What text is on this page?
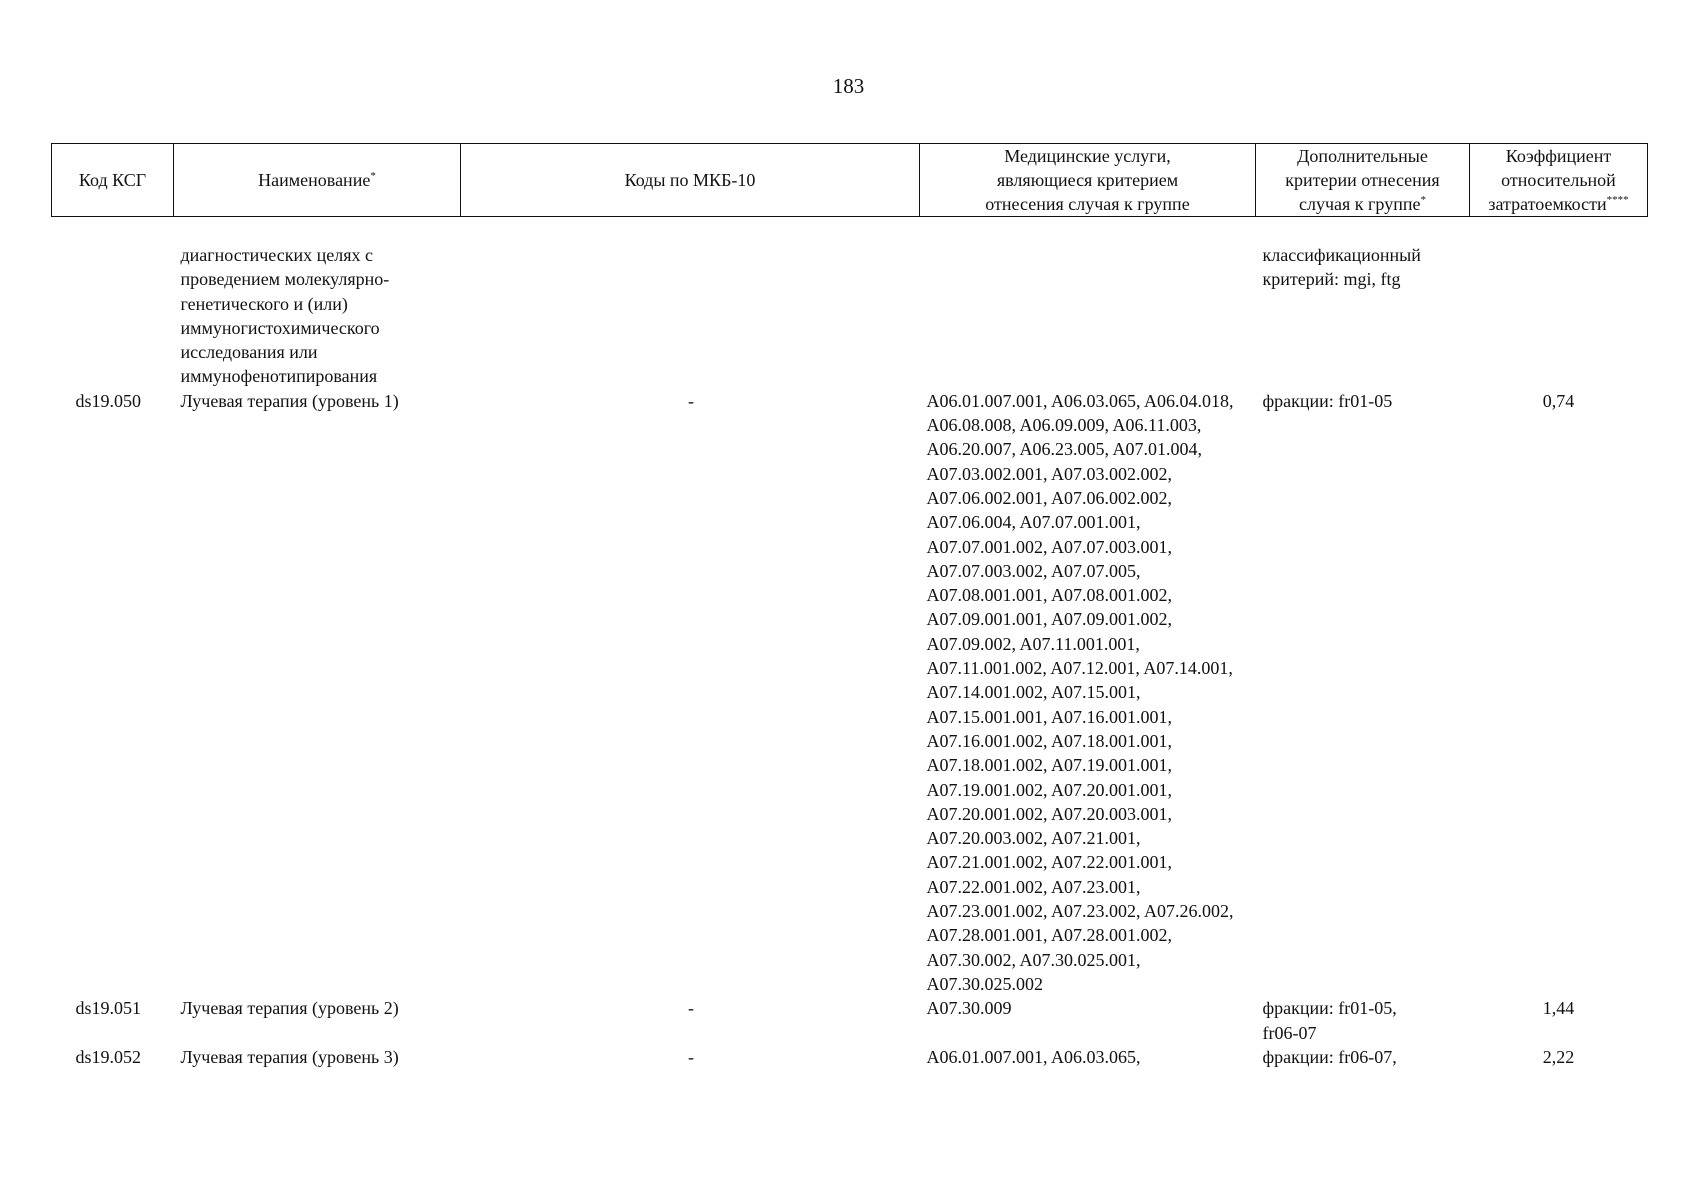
183
Код КСГ	Наименование*	Коды по МКБ-10	Медицинские услуги, являющиеся критерием отнесения случая к группе	Дополнительные критерии отнесения случая к группе*	Коэффициент относительной затратоемкости****

	диагностических целях с проведением молекулярно-генетического и (или) иммуногистохимического исследования или иммунофенотипирования			классификационный критерий: mgi, ftg	
ds19.050	Лучевая терапия (уровень 1)	-	A06.01.007.001, A06.03.065, A06.04.018, A06.08.008, A06.09.009, A06.11.003, A06.20.007, A06.23.005, A07.01.004, A07.03.002.001, A07.03.002.002, A07.06.002.001, A07.06.002.002, A07.06.004, A07.07.001.001, A07.07.001.002, A07.07.003.001, A07.07.003.002, A07.07.005, A07.08.001.001, A07.08.001.002, A07.09.001.001, A07.09.001.002, A07.09.002, A07.11.001.001, A07.11.001.002, A07.12.001, A07.14.001, A07.14.001.002, A07.15.001, A07.15.001.001, A07.16.001.001, A07.16.001.002, A07.18.001.001, A07.18.001.002, A07.19.001.001, A07.19.001.002, A07.20.001.001, A07.20.001.002, A07.20.003.001, A07.20.003.002, A07.21.001, A07.21.001.002, A07.22.001.001, A07.22.001.002, A07.23.001, A07.23.001.002, A07.23.002, A07.26.002, A07.28.001.001, A07.28.001.002, A07.30.002, A07.30.025.001, A07.30.025.002	фракции: fr01-05	0,74
ds19.051	Лучевая терапия (уровень 2)	-	A07.30.009	фракции: fr01-05, fr06-07	1,44
ds19.052	Лучевая терапия (уровень 3)	-	A06.01.007.001, A06.03.065,	фракции: fr06-07,	2,22
